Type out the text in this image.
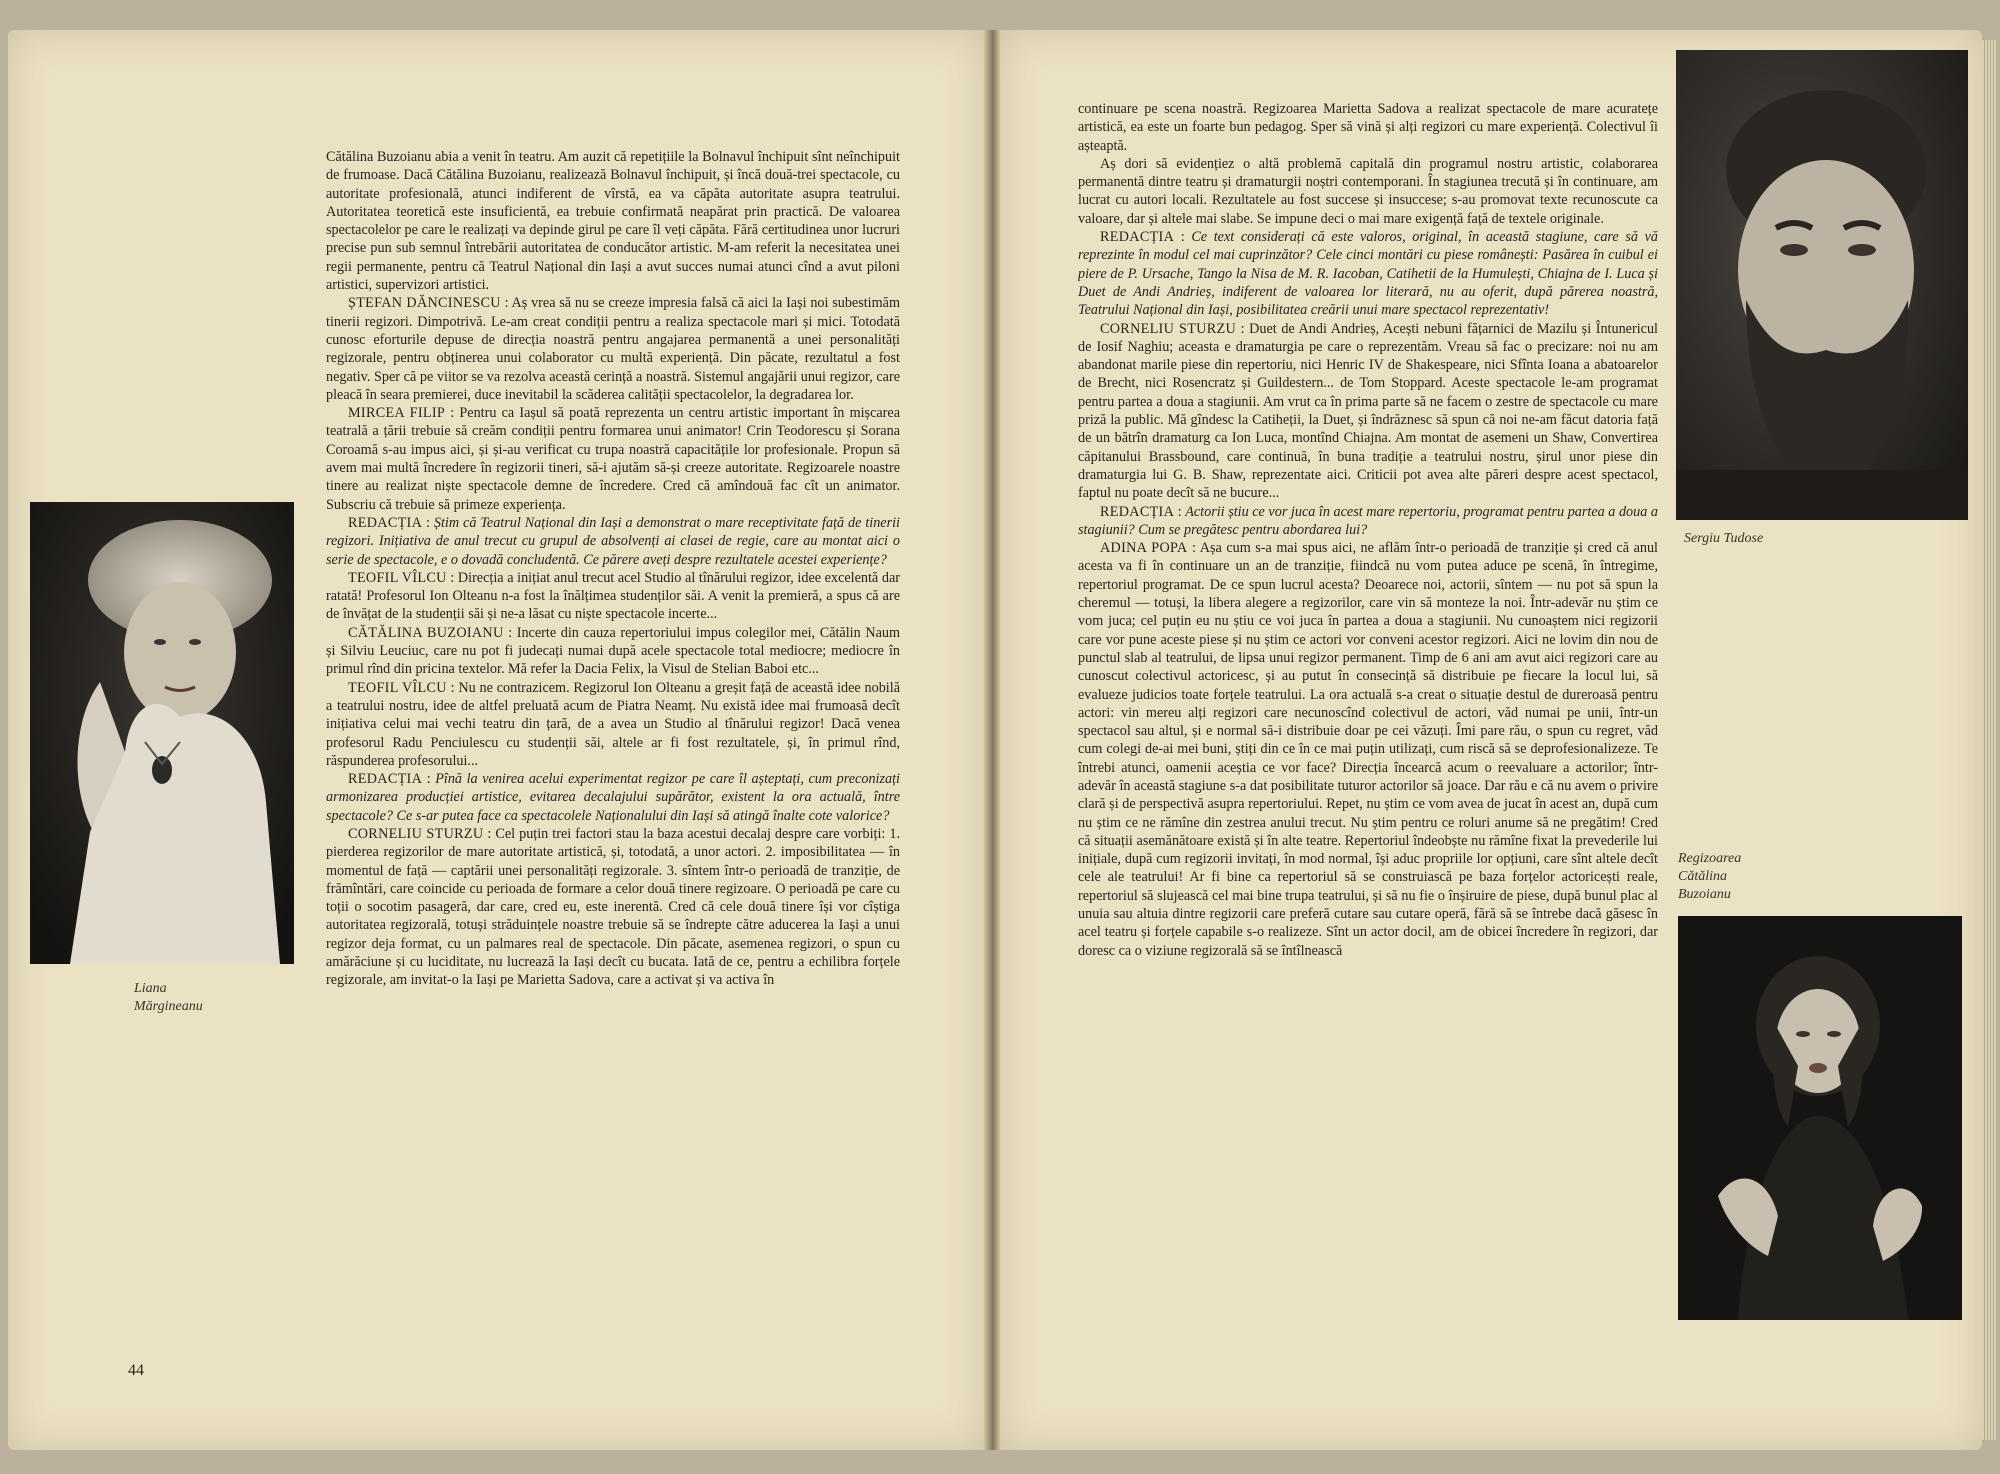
Liana
Mărgineanu

Cătălina Buzoianu abia a venit în teatru. Am auzit că repetițiile la Bolnavul închipuit sînt neînchipuit de frumoase. Dacă Cătălina Buzoianu, realizează Bolnavul închipuit, și încă două-trei spectacole, cu autoritate profesională, atunci indiferent de vîrstă, ea va căpăta autoritate asupra teatrului. Autoritatea teoretică este insuficientă, ea trebuie confirmată neapărat prin practică. De valoarea spectacolelor pe care le realizați va depinde girul pe care îl veți căpăta. Fără certitudinea unor lucruri precise pun sub semnul întrebării autoritatea de conducător artistic. M-am referit la necesitatea unei regii permanente, pentru că Teatrul Național din Iași a avut succes numai atunci cînd a avut piloni artistici, supervizori artistici.

ȘTEFAN DĂNCINESCU : Aș vrea să nu se creeze impresia falsă că aici la Iași noi subestimăm tinerii regizori. Dimpotrivă. Le-am creat condiții pentru a realiza spectacole mari și mici. Totodată cunosc eforturile depuse de direcția noastră pentru angajarea permanentă a unei personalități regizorale, pentru obținerea unui colaborator cu multă experiență. Din păcate, rezultatul a fost negativ. Sper că pe viitor se va rezolva această cerință a noastră. Sistemul angajării unui regizor, care pleacă în seara premierei, duce inevitabil la scăderea calității spectacolelor, la degradarea lor.

MIRCEA FILIP : Pentru ca Iașul să poată reprezenta un centru artistic important în mișcarea teatrală a țării trebuie să creăm condiții pentru formarea unui animator! Crin Teodorescu și Sorana Coroamă s-au impus aici, și și-au verificat cu trupa noastră capacitățile lor profesionale. Propun să avem mai multă încredere în regizorii tineri, să-i ajutăm să-și creeze autoritate. Regizoarele noastre tinere au realizat niște spectacole demne de încredere. Cred că amîndouă fac cît un animator. Subscriu că trebuie să primeze experiența.

REDACȚIA : Știm că Teatrul Național din Iași a demonstrat o mare receptivitate față de tinerii regizori. Inițiativa de anul trecut cu grupul de absolvenți ai clasei de regie, care au montat aici o serie de spectacole, e o dovadă concludentă. Ce părere aveți despre rezultatele acestei experiențe?

TEOFIL VÎLCU : Direcția a inițiat anul trecut acel Studio al tînărului regizor, idee excelentă dar ratată! Profesorul Ion Olteanu n-a fost la înălțimea studenților săi. A venit la premieră, a spus că are de învățat de la studenții săi și ne-a lăsat cu niște spectacole incerte...

CĂTĂLINA BUZOIANU : Incerte din cauza repertoriului impus colegilor mei, Cătălin Naum și Silviu Leuciuc, care nu pot fi judecați numai după acele spectacole total mediocre; mediocre în primul rînd din pricina textelor. Mă refer la Dacia Felix, la Visul de Stelian Baboi etc...

TEOFIL VÎLCU : Nu ne contrazicem. Regizorul Ion Olteanu a greșit față de această idee nobilă a teatrului nostru, idee de altfel preluată acum de Piatra Neamț. Nu există idee mai frumoasă decît inițiativa celui mai vechi teatru din țară, de a avea un Studio al tînărului regizor! Dacă venea profesorul Radu Penciulescu cu studenții săi, altele ar fi fost rezultatele, și, în primul rînd, răspunderea profesorului...

REDACȚIA : Pînă la venirea acelui experimentat regizor pe care îl așteptați, cum preconizați armonizarea producției artistice, evitarea decalajului supărător, existent la ora actuală, între spectacole? Ce s-ar putea face ca spectacolele Naționalului din Iași să atingă înalte cote valorice?

CORNELIU STURZU : Cel puțin trei factori stau la baza acestui decalaj despre care vorbiți: 1. pierderea regizorilor de mare autoritate artistică, și, totodată, a unor actori. 2. imposibilitatea — în momentul de față — captării unei personalități regizorale. 3. sîntem într-o perioadă de tranziție, de frămîntări, care coincide cu perioada de formare a celor două tinere regizoare. O perioadă pe care cu toții o socotim pasageră, dar care, cred eu, este inerentă. Cred că cele două tinere își vor cîștiga autoritatea regizorală, totuși străduințele noastre trebuie să se îndrepte către aducerea la Iași a unui regizor deja format, cu un palmares real de spectacole. Din păcate, asemenea regizori, o spun cu amărăciune și cu luciditate, nu lucrează la Iași decît cu bucata. Iată de ce, pentru a echilibra forțele regizorale, am invitat-o la Iași pe Marietta Sadova, care a activat și va activa în

44

continuare pe scena noastră. Regizoarea Marietta Sadova a realizat spectacole de mare acuratețe artistică, ea este un foarte bun pedagog. Sper să vină și alți regizori cu mare experiență. Colectivul îi așteaptă.

Aș dori să evidențiez o altă problemă capitală din programul nostru artistic, colaborarea permanentă dintre teatru și dramaturgii noștri contemporani. În stagiunea trecută și în continuare, am lucrat cu autori locali. Rezultatele au fost succese și insuccese; s-au promovat texte recunoscute ca valoare, dar și altele mai slabe. Se impune deci o mai mare exigență față de textele originale.

REDACȚIA : Ce text considerați că este valoros, original, în această stagiune, care să vă reprezinte în modul cel mai cuprinzător? Cele cinci montări cu piese românești: Pasărea în cuibul ei piere de P. Ursache, Tango la Nisa de M. R. Iacoban, Catihetii de la Humulești, Chiajna de I. Luca și Duet de Andi Andrieș, indiferent de valoarea lor literară, nu au oferit, după părerea noastră, Teatrului Național din Iași, posibilitatea creării unui mare spectacol reprezentativ!

CORNELIU STURZU : Duet de Andi Andrieș, Acești nebuni fățarnici de Mazilu și Întunericul de Iosif Naghiu; aceasta e dramaturgia pe care o reprezentăm. Vreau să fac o precizare: noi nu am abandonat marile piese din repertoriu, nici Henric IV de Shakespeare, nici Sfînta Ioana a abatoarelor de Brecht, nici Rosencratz și Guildestern... de Tom Stoppard. Aceste spectacole le-am programat pentru partea a doua a stagiunii. Am vrut ca în prima parte să ne facem o zestre de spectacole cu mare priză la public. Mă gîndesc la Catiheții, la Duet, și îndrăznesc să spun că noi ne-am făcut datoria față de un bătrîn dramaturg ca Ion Luca, montînd Chiajna. Am montat de asemeni un Shaw, Convertirea căpitanului Brassbound, care continuă, în buna tradiție a teatrului nostru, șirul unor piese din dramaturgia lui G. B. Shaw, reprezentate aici. Criticii pot avea alte păreri despre acest spectacol, faptul nu poate decît să ne bucure...

REDACȚIA : Actorii știu ce vor juca în acest mare repertoriu, programat pentru partea a doua a stagiunii? Cum se pregătesc pentru abordarea lui?

ADINA POPA : Așa cum s-a mai spus aici, ne aflăm într-o perioadă de tranziție și cred că anul acesta va fi în continuare un an de tranziție, fiindcă nu vom putea aduce pe scenă, în întregime, repertoriul programat. De ce spun lucrul acesta? Deoarece noi, actorii, sîntem — nu pot să spun la cheremul — totuși, la libera alegere a regizorilor, care vin să monteze la noi. Într-adevăr nu știm ce vom juca; cel puțin eu nu știu ce voi juca în partea a doua a stagiunii. Nu cunoaștem nici regizorii care vor pune aceste piese și nu știm ce actori vor conveni acestor regizori. Aici ne lovim din nou de punctul slab al teatrului, de lipsa unui regizor permanent. Timp de 6 ani am avut aici regizori care au cunoscut colectivul actoricesc, și au putut în consecință să distribuie pe fiecare la locul lui, să evalueze judicios toate forțele teatrului. La ora actuală s-a creat o situație destul de dureroasă pentru actori: vin mereu alți regizori care necunoscînd colectivul de actori, văd numai pe unii, într-un spectacol sau altul, și e normal să-i distribuie doar pe cei văzuți. Îmi pare rău, o spun cu regret, văd cum colegi de-ai mei buni, știți din ce în ce mai puțin utilizați, cum riscă să se deprofesionalizeze. Te întrebi atunci, oamenii aceștia ce vor face? Direcția încearcă acum o reevaluare a actorilor; într-adevăr în această stagiune s-a dat posibilitate tuturor actorilor să joace. Dar rău e că nu avem o privire clară și de perspectivă asupra repertoriului. Repet, nu știm ce vom avea de jucat în acest an, după cum nu știm ce ne rămîne din zestrea anului trecut. Nu știm pentru ce roluri anume să ne pregătim! Cred că situații asemănătoare există și în alte teatre. Repertoriul îndeobște nu rămîne fixat la prevederile lui inițiale, după cum regizorii invitați, în mod normal, își aduc propriile lor opțiuni, care sînt altele decît cele ale teatrului! Ar fi bine ca repertoriul să se construiască pe baza forțelor actoricești reale, repertoriul să slujească cel mai bine trupa teatrului, și să nu fie o înșiruire de piese, după bunul plac al unuia sau altuia dintre regizorii care preferă cutare sau cutare operă, fără să se întrebe dacă găsesc în acel teatru și forțele capabile s-o realizeze. Sînt un actor docil, am de obicei încredere în regizori, dar doresc ca o viziune regizorală să se întîlnească

Sergiu Tudose
Regizoarea
Cătălina
Buzoianu
